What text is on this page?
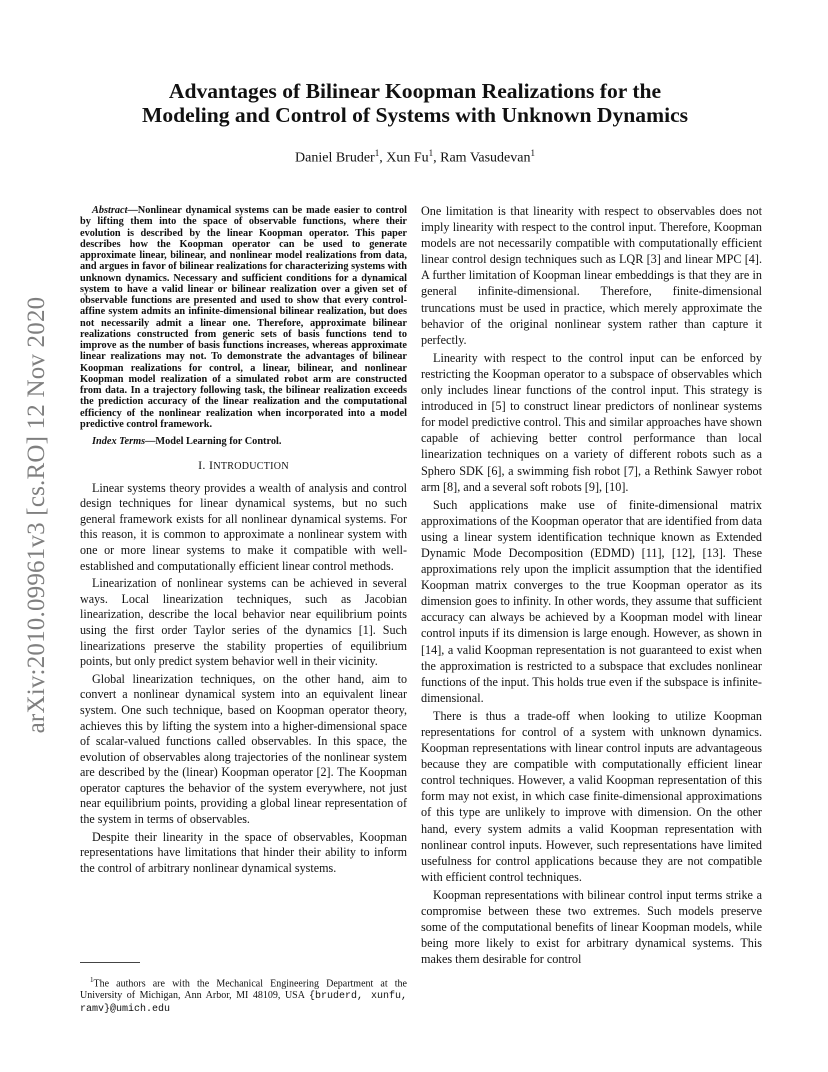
arXiv:2010.09961v3 [cs.RO] 12 Nov 2020
Advantages of Bilinear Koopman Realizations for the
Modeling and Control of Systems with Unknown Dynamics
Daniel Bruder$^1$, Xun Fu$^1$, Ram Vasudevan$^1$

Abstract—Nonlinear dynamical systems can be made easier to control by lifting them into the space of observable functions, where their evolution is described by the linear Koopman operator. This paper describes how the Koopman operator can be used to generate approximate linear, bilinear, and nonlinear model realizations from data, and argues in favor of bilinear realizations for characterizing systems with unknown dynamics. Necessary and sufficient conditions for a dynamical system to have a valid linear or bilinear realization over a given set of observable functions are presented and used to show that every control-affine system admits an infinite-dimensional bilinear realization, but does not necessarily admit a linear one. Therefore, approximate bilinear realizations constructed from generic sets of basis functions tend to improve as the number of basis functions increases, whereas approximate linear realizations may not. To demonstrate the advantages of bilinear Koopman realizations for control, a linear, bilinear, and nonlinear Koopman model realization of a simulated robot arm are constructed from data. In a trajectory following task, the bilinear realization exceeds the prediction accuracy of the linear realization and the computational efficiency of the nonlinear realization when incorporated into a model predictive control framework.

Index Terms—Model Learning for Control.

I. INTRODUCTION

Linear systems theory provides a wealth of analysis and control design techniques for linear dynamical systems, but no such general framework exists for all nonlinear dynamical systems. For this reason, it is common to approximate a nonlinear system with one or more linear systems to make it compatible with well-established and computationally efficient linear control methods.

Linearization of nonlinear systems can be achieved in several ways. Local linearization techniques, such as Jacobian linearization, describe the local behavior near equilibrium points using the first order Taylor series of the dynamics [1]. Such linearizations preserve the stability properties of equilibrium points, but only predict system behavior well in their vicinity.

Global linearization techniques, on the other hand, aim to convert a nonlinear dynamical system into an equivalent linear system. One such technique, based on Koopman operator theory, achieves this by lifting the system into a higher-dimensional space of scalar-valued functions called observables. In this space, the evolution of observables along trajectories of the nonlinear system are described by the (linear) Koopman operator [2]. The Koopman operator captures the behavior of the system everywhere, not just near equilibrium points, providing a global linear representation of the system in terms of observables.

Despite their linearity in the space of observables, Koopman representations have limitations that hinder their ability to inform the control of arbitrary nonlinear dynamical systems.

$^1$The authors are with the Mechanical Engineering Department at the University of Michigan, Ann Arbor, MI 48109, USA {bruderd, xunfu, ramv}@umich.edu

One limitation is that linearity with respect to observables does not imply linearity with respect to the control input. Therefore, Koopman models are not necessarily compatible with computationally efficient linear control design techniques such as LQR [3] and linear MPC [4]. A further limitation of Koopman linear embeddings is that they are in general infinite-dimensional. Therefore, finite-dimensional truncations must be used in practice, which merely approximate the behavior of the original nonlinear system rather than capture it perfectly.

Linearity with respect to the control input can be enforced by restricting the Koopman operator to a subspace of observables which only includes linear functions of the control input. This strategy is introduced in [5] to construct linear predictors of nonlinear systems for model predictive control. This and similar approaches have shown capable of achieving better control performance than local linearization techniques on a variety of different robots such as a Sphero SDK [6], a swimming fish robot [7], a Rethink Sawyer robot arm [8], and a several soft robots [9], [10].

Such applications make use of finite-dimensional matrix approximations of the Koopman operator that are identified from data using a linear system identification technique known as Extended Dynamic Mode Decomposition (EDMD) [11], [12], [13]. These approximations rely upon the implicit assumption that the identified Koopman matrix converges to the true Koopman operator as its dimension goes to infinity. In other words, they assume that sufficient accuracy can always be achieved by a Koopman model with linear control inputs if its dimension is large enough. However, as shown in [14], a valid Koopman representation is not guaranteed to exist when the approximation is restricted to a subspace that excludes nonlinear functions of the input. This holds true even if the subspace is infinite-dimensional.

There is thus a trade-off when looking to utilize Koopman representations for control of a system with unknown dynamics. Koopman representations with linear control inputs are advantageous because they are compatible with computationally efficient linear control techniques. However, a valid Koopman representation of this form may not exist, in which case finite-dimensional approximations of this type are unlikely to improve with dimension. On the other hand, every system admits a valid Koopman representation with nonlinear control inputs. However, such representations have limited usefulness for control applications because they are not compatible with efficient control techniques.

Koopman representations with bilinear control input terms strike a compromise between these two extremes. Such models preserve some of the computational benefits of linear Koopman models, while being more likely to exist for arbitrary dynamical systems. This makes them desirable for control
